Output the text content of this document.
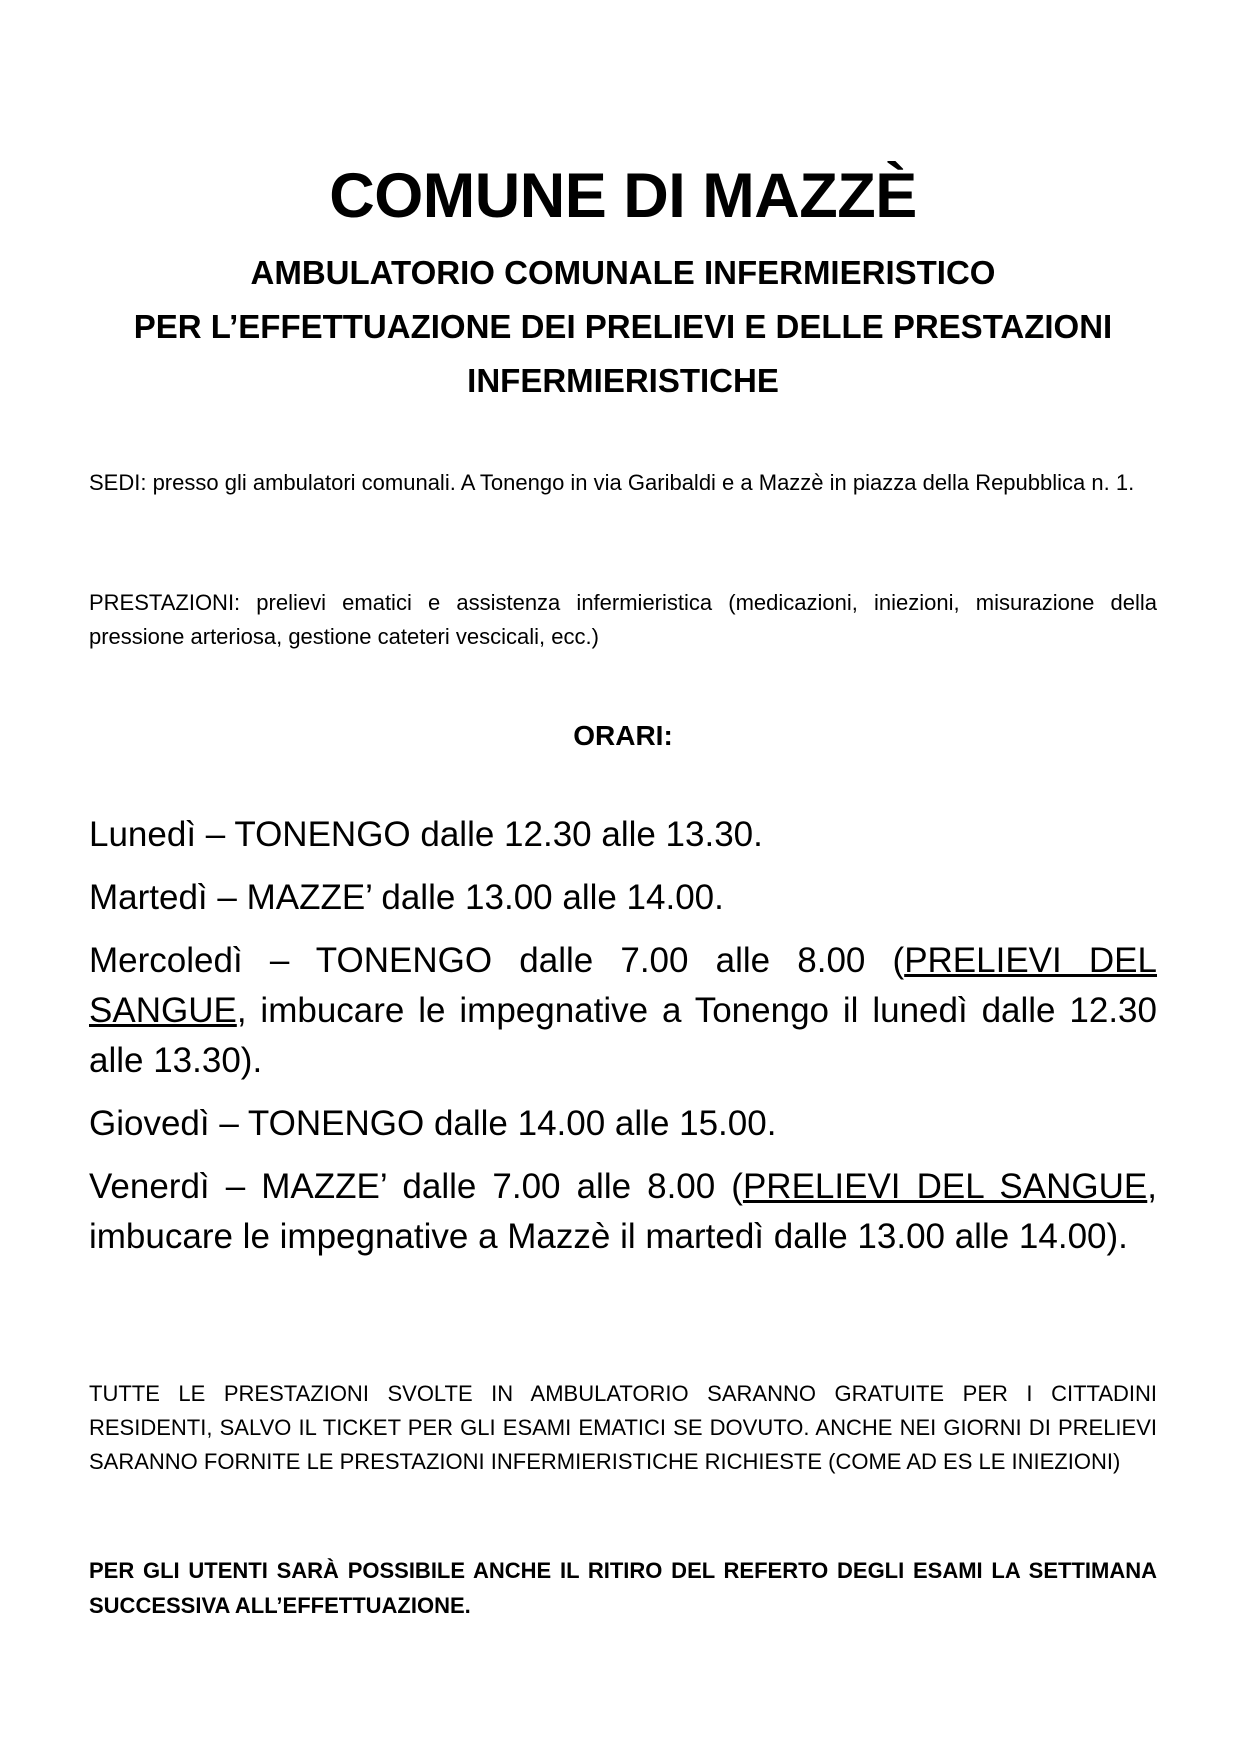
COMUNE DI MAZZÈ
AMBULATORIO COMUNALE INFERMIERISTICO
PER L’EFFETTUAZIONE DEI PRELIEVI E DELLE PRESTAZIONI
INFERMIERISTICHE

SEDI: presso gli ambulatori comunali. A Tonengo in via Garibaldi e a Mazzè in piazza della Repubblica n. 1.

PRESTAZIONI: prelievi ematici e assistenza infermieristica (medicazioni, iniezioni, misurazione della pressione arteriosa, gestione cateteri vescicali, ecc.)

ORARI:

Lunedì – TONENGO dalle 12.30 alle 13.30.

Martedì – MAZZE’ dalle 13.00 alle 14.00.

Mercoledì – TONENGO dalle 7.00 alle 8.00 (PRELIEVI DEL SANGUE, imbucare le impegnative a Tonengo il lunedì dalle 12.30 alle 13.30).

Giovedì – TONENGO dalle 14.00 alle 15.00.

Venerdì – MAZZE’ dalle 7.00 alle 8.00 (PRELIEVI DEL SANGUE, imbucare le impegnative a Mazzè il martedì dalle 13.00 alle 14.00).

TUTTE LE PRESTAZIONI SVOLTE IN AMBULATORIO SARANNO GRATUITE PER I CITTADINI RESIDENTI, SALVO IL TICKET PER GLI ESAMI EMATICI SE DOVUTO. ANCHE NEI GIORNI DI PRELIEVI SARANNO FORNITE LE PRESTAZIONI INFERMIERISTICHE RICHIESTE (COME AD ES LE INIEZIONI)

PER GLI UTENTI SARÀ POSSIBILE ANCHE IL RITIRO DEL REFERTO DEGLI ESAMI LA SETTIMANA SUCCESSIVA ALL’EFFETTUAZIONE.
